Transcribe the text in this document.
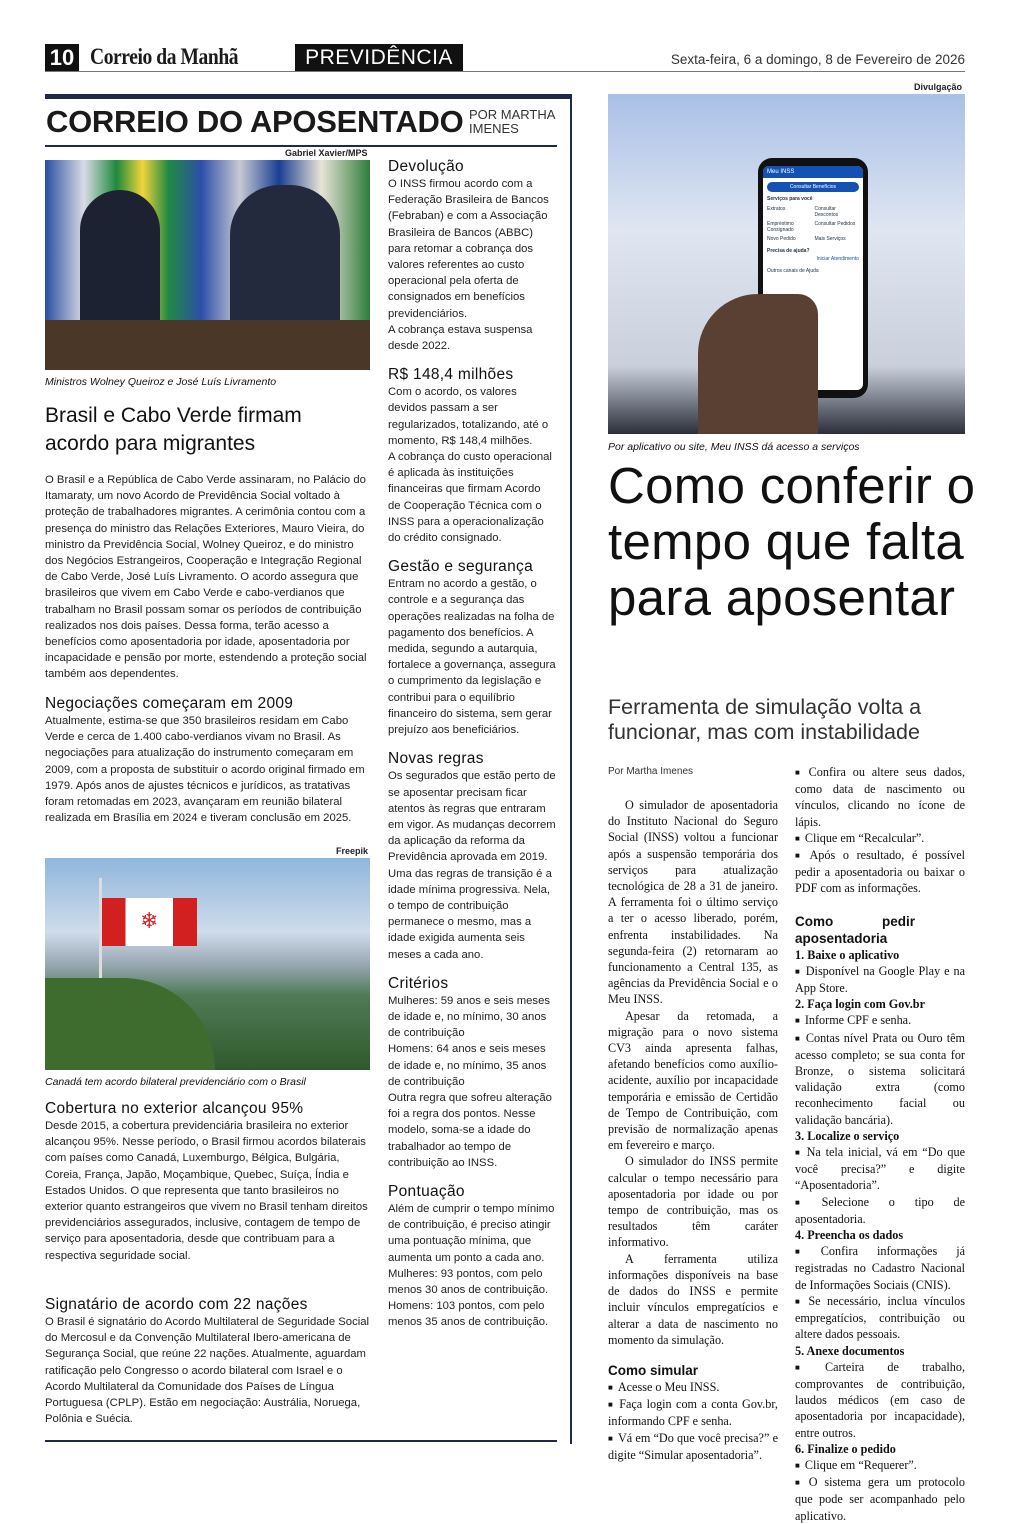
10 Correio da Manhã	PREVIDÊNCIA	Sexta-feira, 6 a domingo, 8 de Fevereiro de 2026
CORREIO DO APOSENTADO POR MARTHA IMENES
Gabriel Xavier/MPS
Ministros Wolney Queiroz e José Luís Livramento
Brasil e Cabo Verde firmam acordo para migrantes
O Brasil e a República de Cabo Verde assinaram, no Palácio do Itamaraty, um novo Acordo de Previdência Social voltado à proteção de trabalhadores migrantes. A cerimônia contou com a presença do ministro das Relações Exteriores, Mauro Vieira, do ministro da Previdência Social, Wolney Queiroz, e do ministro dos Negócios Estrangeiros, Cooperação e Integração Regional de Cabo Verde, José Luís Livramento. O acordo assegura que brasileiros que vivem em Cabo Verde e cabo-verdianos que trabalham no Brasil possam somar os períodos de contribuição realizados nos dois países. Dessa forma, terão acesso a benefícios como aposentadoria por idade, aposentadoria por incapacidade e pensão por morte, estendendo a proteção social também aos dependentes.
Negociações começaram em 2009
Atualmente, estima-se que 350 brasileiros residam em Cabo Verde e cerca de 1.400 cabo-verdianos vivam no Brasil. As negociações para atualização do instrumento começaram em 2009, com a proposta de substituir o acordo original firmado em 1979. Após anos de ajustes técnicos e jurídicos, as tratativas foram retomadas em 2023, avançaram em reunião bilateral realizada em Brasília em 2024 e tiveram conclusão em 2025.
Freepik
❄
Canadá tem acordo bilateral previdenciário com o Brasil
Cobertura no exterior alcançou 95%
Desde 2015, a cobertura previdenciária brasileira no exterior alcançou 95%. Nesse período, o Brasil firmou acordos bilaterais com países como Canadá, Luxemburgo, Bélgica, Bulgária, Coreia, França, Japão, Moçambique, Quebec, Suíça, Índia e Estados Unidos. O que representa que tanto brasileiros no exterior quanto estrangeiros que vivem no Brasil tenham direitos previdenciários assegurados, inclusive, contagem de tempo de serviço para aposentadoria, desde que contribuam para a respectiva seguridade social.
Signatário de acordo com 22 nações
O Brasil é signatário do Acordo Multilateral de Seguridade Social do Mercosul e da Convenção Multilateral Ibero-americana de Segurança Social, que reúne 22 nações. Atualmente, aguardam ratificação pelo Congresso o acordo bilateral com Israel e o Acordo Multilateral da Comunidade dos Países de Língua Portuguesa (CPLP). Estão em negociação: Austrália, Noruega, Polônia e Suécia.
Devolução
O INSS firmou acordo com a Federação Brasileira de Bancos (Febraban) e com a Associação Brasileira de Bancos (ABBC) para retomar a cobrança dos valores referentes ao custo operacional pela oferta de consignados em benefícios previdenciários.
A cobrança estava suspensa desde 2022.
R$ 148,4 milhões
Com o acordo, os valores devidos passam a ser regularizados, totalizando, até o momento, R$ 148,4 milhões.
A cobrança do custo operacional é aplicada às instituições financeiras que firmam Acordo de Cooperação Técnica com o INSS para a operacionalização do crédito consignado.
Gestão e segurança
Entram no acordo a gestão, o controle e a segurança das operações realizadas na folha de pagamento dos benefícios. A medida, segundo a autarquia, fortalece a governança, assegura o cumprimento da legislação e contribui para o equilíbrio financeiro do sistema, sem gerar prejuízo aos beneficiários.
Novas regras
Os segurados que estão perto de se aposentar precisam ficar atentos às regras que entraram em vigor. As mudanças decorrem da aplicação da reforma da Previdência aprovada em 2019. Uma das regras de transição é a idade mínima progressiva. Nela, o tempo de contribuição permanece o mesmo, mas a idade exigida aumenta seis meses a cada ano.
Critérios
Mulheres: 59 anos e seis meses de idade e, no mínimo, 30 anos de contribuição
Homens: 64 anos e seis meses de idade e, no mínimo, 35 anos de contribuição
Outra regra que sofreu alteração foi a regra dos pontos. Nesse modelo, soma-se a idade do trabalhador ao tempo de contribuição ao INSS.
Pontuação
Além de cumprir o tempo mínimo de contribuição, é preciso atingir uma pontuação mínima, que aumenta um ponto a cada ano.
Mulheres: 93 pontos, com pelo menos 30 anos de contribuição.
Homens: 103 pontos, com pelo menos 35 anos de contribuição.
Divulgação
Meu INSS
Consultar Benefícios
Serviços para você
Extratos	Consultar Descontos
Empréstimo Consignado
Consultar Pedidos
Novo Pedido	Mais Serviços
Precisa de ajuda?
Iniciar Atendimento
Outros canais de Ajuda
Por aplicativo ou site, Meu INSS dá acesso a serviços
Como conferir o tempo que falta para aposentar
Ferramenta de simulação volta a funcionar, mas com instabilidade
Por Martha Imenes

O simulador de aposentadoria do Instituto Nacional do Seguro Social (INSS) voltou a funcionar após a suspensão temporária dos serviços para atualização tecnológica de 28 a 31 de janeiro. A ferramenta foi o último serviço a ter o acesso liberado, porém, enfrenta instabilidades. Na segunda-feira (2) retornaram ao funcionamento a Central 135, as agências da Previdência Social e o Meu INSS.

Apesar da retomada, a migração para o novo sistema CV3 ainda apresenta falhas, afetando benefícios como auxílio-acidente, auxílio por incapacidade temporária e emissão de Certidão de Tempo de Contribuição, com previsão de normalização apenas em fevereiro e março.

O simulador do INSS permite calcular o tempo necessário para aposentadoria por idade ou por tempo de contribuição, mas os resultados têm caráter informativo.

A ferramenta utiliza informações disponíveis na base de dados do INSS e permite incluir vínculos empregatícios e alterar a data de nascimento no momento da simulação.

Como simular

■ Acesse o Meu INSS.

■ Faça login com a conta Gov.br, informando CPF e senha.

■ Vá em “Do que você precisa?” e digite “Simular aposentadoria”.

■ Confira ou altere seus dados, como data de nascimento ou vínculos, clicando no ícone de lápis.

■ Clique em “Recalcular”.

■ Após o resultado, é possível pedir a aposentadoria ou baixar o PDF com as informações.

Como pedir aposentadoria

1. Baixe o aplicativo

■ Disponível na Google Play e na App Store.

2. Faça login com Gov.br

■ Informe CPF e senha.

■ Contas nível Prata ou Ouro têm acesso completo; se sua conta for Bronze, o sistema solicitará validação extra (como reconhecimento facial ou validação bancária).

3. Localize o serviço

■ Na tela inicial, vá em “Do que você precisa?” e digite “Aposentadoria”.

■ Selecione o tipo de aposentadoria.

4. Preencha os dados

■ Confira informações já registradas no Cadastro Nacional de Informações Sociais (CNIS).

■ Se necessário, inclua vínculos empregatícios, contribuição ou altere dados pessoais.

5. Anexe documentos

■ Carteira de trabalho, comprovantes de contribuição, laudos médicos (em caso de aposentadoria por incapacidade), entre outros.

6. Finalize o pedido

■ Clique em “Requerer”.

■ O sistema gera um protocolo que pode ser acompanhado pelo aplicativo.
